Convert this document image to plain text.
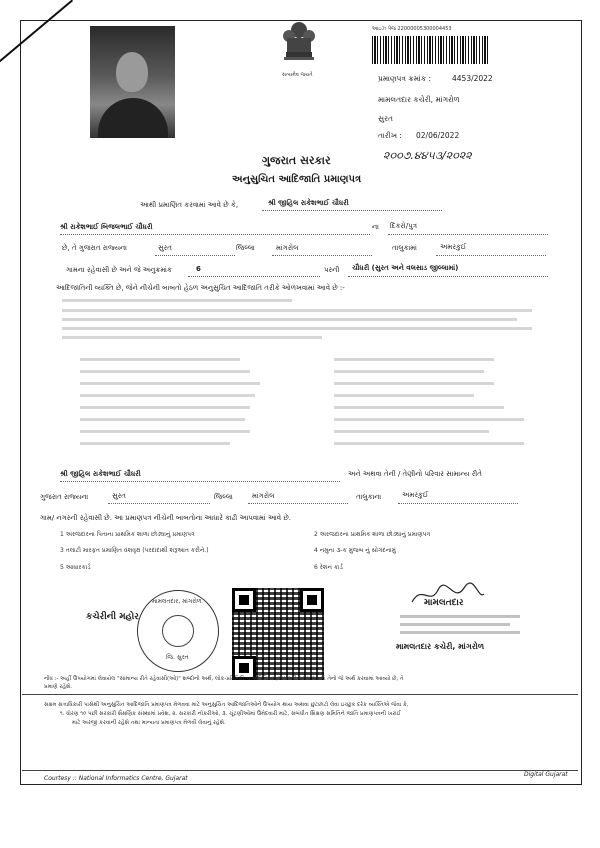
સત્યમેવ જયતે
આઇઝ પેજ 22000005300004453
પ્રમાણપત્ર ક્રમાંક :	4453/2022
મામલતદાર કચેરી, માંગરોળ
સુરત
તારીખ : 02/06/2022
૨૦૦૭.૪૪૫૩/૨૦૨૨
ગુજરાત સરકાર
અનુસુચિત આદિજાતિ પ્રમાણપત્ર
આથી પ્રમાણિત કરવામાં આવે છે કે,	શ્રી જીહિલ રાકેશભાઈ ચૌધરી
શ્રી રાકેશભાઈ બિજલભાઈ ચૌધરી	ના દિકરો/પુત્ર
છે, તે ગુજરાત રાજ્યના	સુરત	જિલ્લા	માંગરોલ	તાલુકામાં	અમરકુઈ
ગામના રહેવાસી છે અને જે અનુક્રમાંક	6	પરની ચૌધરી (સુરત અને વલસાડ જીલ્લામાં)
આદિજાતિની વ્યક્તિ છે, જેને નીચેની બાબતો હેઠળ અનુસુચિત આદિજાતિ તરીકે ઓળખવામાં આવે છે :-
શ્રી જીહિલ રાકેશભાઈ ચૌધરી	અને અથવા તેની / તેણીનો પરિવાર સામાન્ય રીતે
ગુજરાત રાજ્યના	સુરત	જિલ્લા	માંગરોલ	તાલુકાના	અમરકુઈ
ગામ/ નગરની રહેવાસી છે. આ પ્રમાણપત્ર નીચેની બાબતોના આધારે કાઢી આપવામાં આવે છે.
1 અરજદારના પિતાના પ્રાથમિક શાળા છોડ્યાનું પ્રમાણપત્ર	2 અરજદારના પ્રાથમિક શાળા છોડ્યાનું પ્રમાણપત્ર
3 તલાટી મારફત પ્રમાણિત વંશવૃક્ષ (પરદાદાથી શરૂઆત કરીને.)	4 નમુના ૩-ક મુજબ નું સોગંદનામું
5 આધારકાર્ડ	6 રેશન કાર્ડ
કચેરીની મહોર
મામલતદાર, માંગરોળ
જિ. સુરત
મામલતદાર
મામલતદાર કચેરી, માંગરોળ
નોંધ :- અહીં ઉપયોગમાં લેવાયેલ "સામાન્ય રીતે રહેવાસી(ઓ)" શબ્દોનો અર્થ, લોક-પ્રતિનિધિત્વ અધિનિયમ,૧૯૫૦ની કલમ ૨૦-માં તેનો જે અર્થ કરવામાં આવ્યો છે, તે
પ્રમાણે રહેશે.
સક્ષમ સત્તાધિકારી પાસેથી અનુસુચિત આદિજાતિ પ્રમાણપત્ર મેળવવા માટે અનુસુચિત આદિજાતિઓને ઉપયોગ થાય અથવા છુટછાટો લેવા ઇચ્છુક દરેક વ્યક્તિએ જેવા કે,
૧. ધોરણ ૧૦ પછી સરકારી શૈક્ષણિક સંસ્થામાં પ્રવેશ, ૨. સરકારી નોકરીઓ, ૩. ચૂંટણીઓમાં ઉમેદવારી માટે, સંબંધીત શિક્ષણ સમિતિને જાતિ પ્રમાણપત્રની ખરાઈ
માટે અરજી કરવાની રહેશે તથા માન્યતા પ્રમાણપત્ર મેળવી લેવાનું રહેશે.
Courtesy :: National Informatics Centre, Gujarat
Digital Gujarat
